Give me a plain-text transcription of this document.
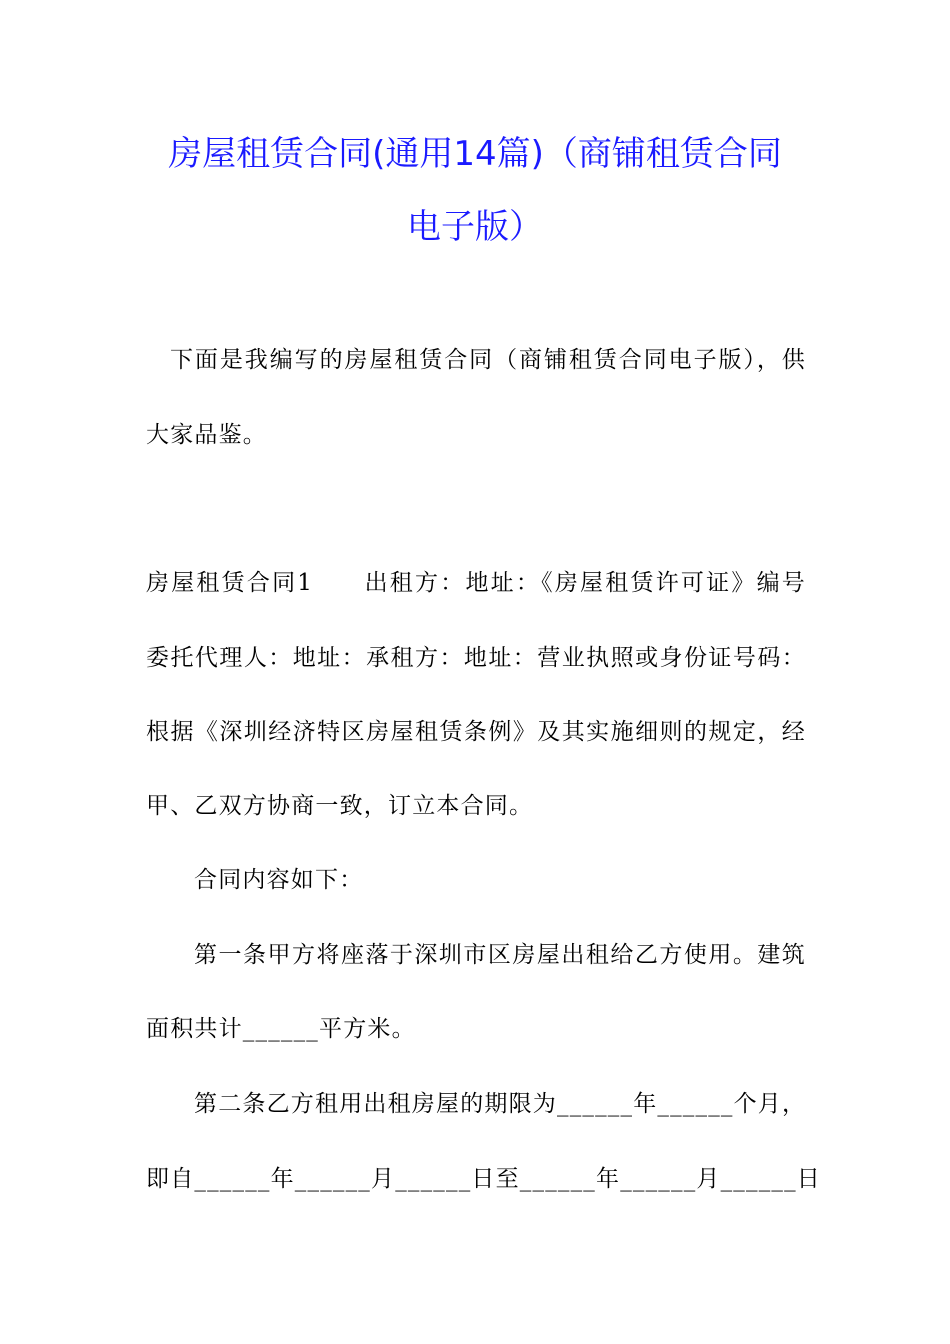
房屋租赁合同(通用14篇)（商铺租赁合同
电子版）
下面是我编写的房屋租赁合同（商铺租赁合同电子版），供
大家品鉴。
房屋租赁合同1　　出租方：地址：《房屋租赁许可证》编号
委托代理人：地址：承租方：地址：营业执照或身份证号码：
根据《深圳经济特区房屋租赁条例》及其实施细则的规定，经
甲、乙双方协商一致，订立本合同。
合同内容如下：
第一条甲方将座落于深圳市区房屋出租给乙方使用。建筑
面积共计______平方米。
第二条乙方租用出租房屋的期限为______年______个月，
即自______年______月______日至______年______月______日
